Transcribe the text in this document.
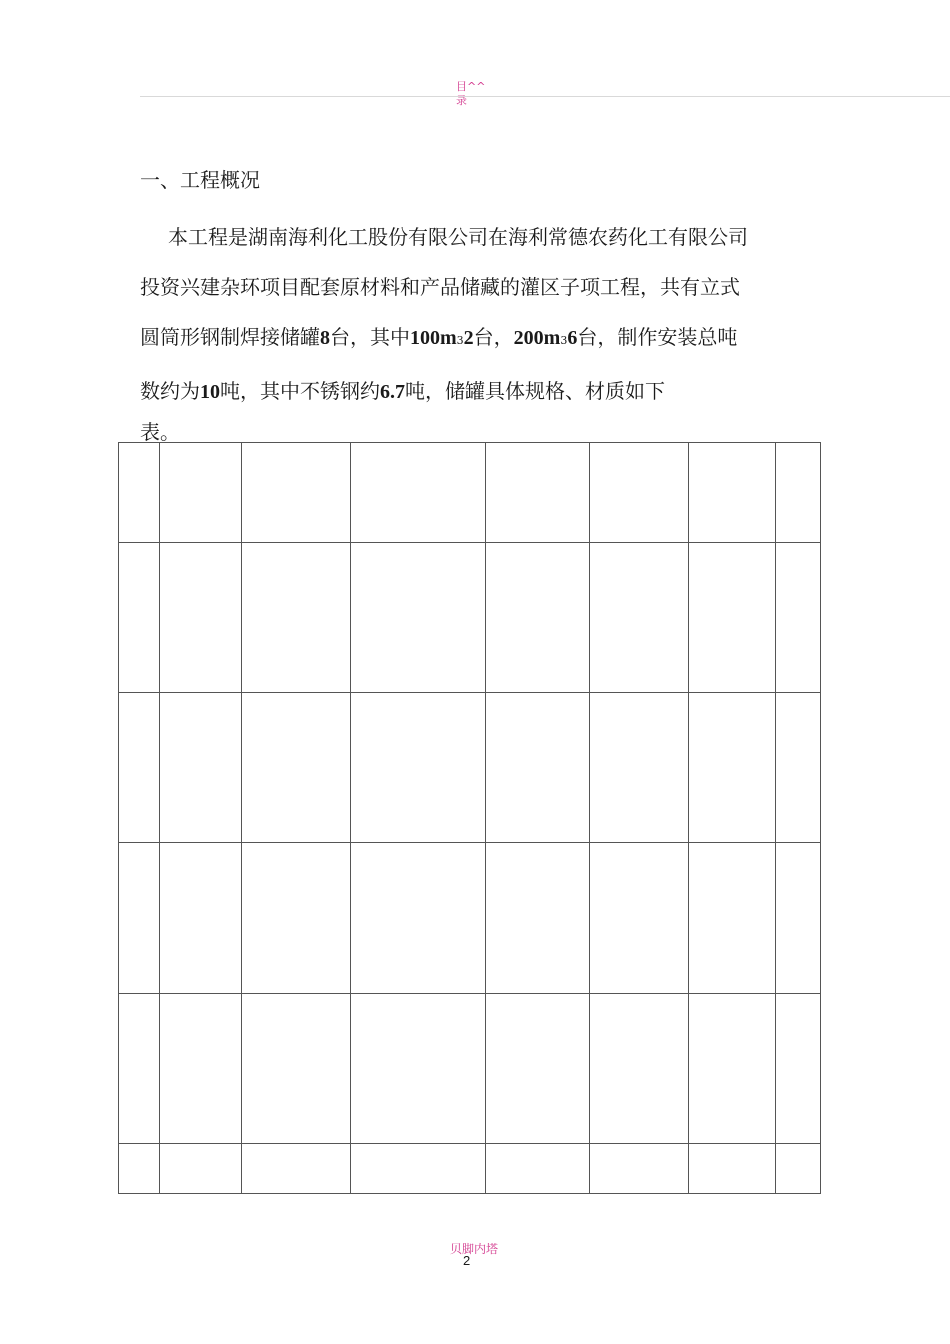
目^^录
一、工程概况
本工程是湖南海利化工股份有限公司在海利常德农药化工有限公司
投资兴建杂环项目配套原材料和产品储藏的灌区子项工程，共有立式
圆筒形钢制焊接储罐8台，其中100m32台，200m36台，制作安装总吨
数约为10吨，其中不锈钢约6.7吨，储罐具体规格、材质如下
表。

贝脚内塔
2
